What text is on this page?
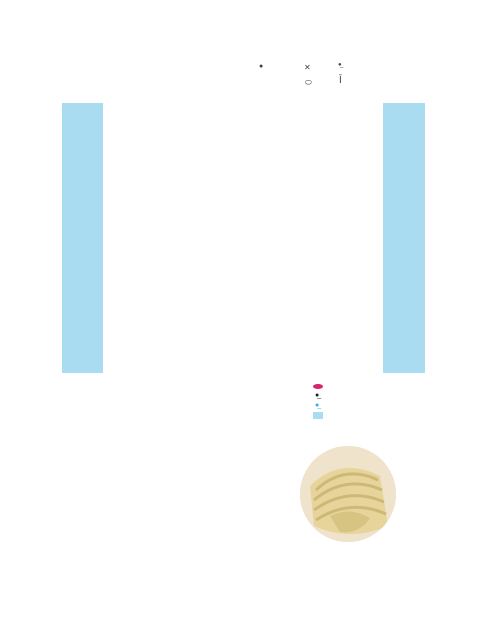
●	✕	●̲
⬭	Ī
●̲
●̲
